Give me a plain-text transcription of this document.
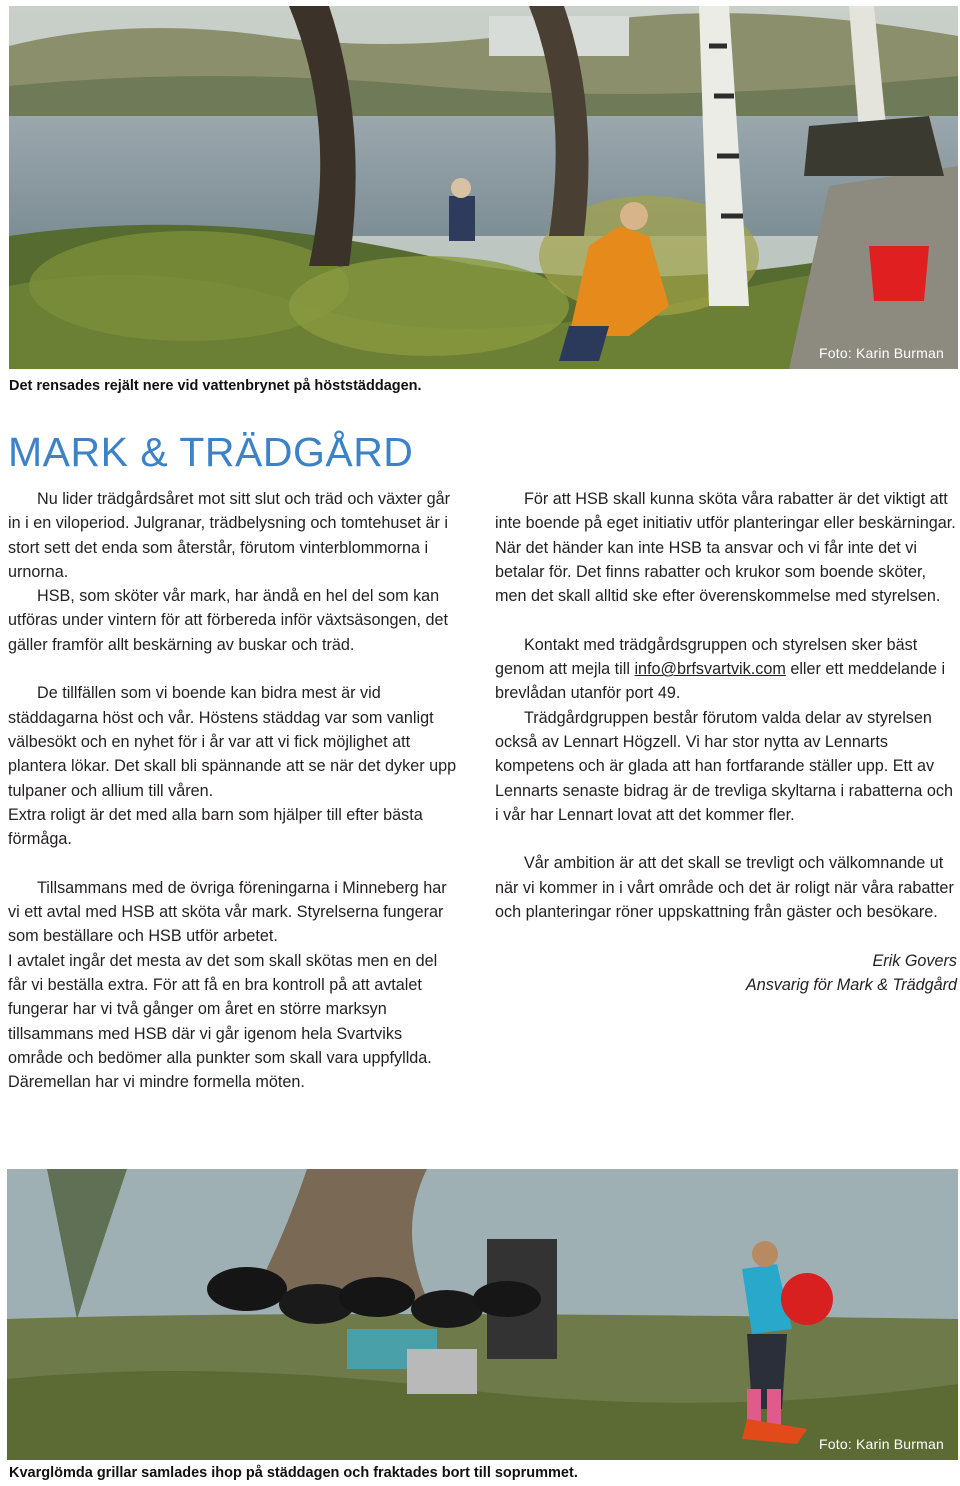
Foto: Karin Burman
Det rensades rejält nere vid vattenbrynet på höststäddagen.
MARK & TRÄDGÅRD

Nu lider trädgårdsåret mot sitt slut och träd och växter går in i en viloperiod. Julgranar, trädbelysning och tomtehuset är i stort sett det enda som återstår, förutom vinterblommorna i urnorna.

HSB, som sköter vår mark, har ändå en hel del som kan utföras under vintern för att förbereda inför växtsäsongen, det gäller framför allt beskärning av buskar och träd.

De tillfällen som vi boende kan bidra mest är vid städdagarna höst och vår. Höstens städdag var som vanligt välbesökt och en nyhet för i år var att vi fick möjlighet att plantera lökar. Det skall bli spännande att se när det dyker upp tulpaner och allium till våren.

Extra roligt är det med alla barn som hjälper till efter bästa förmåga.

Tillsammans med de övriga föreningarna i Minneberg har vi ett avtal med HSB att sköta vår mark. Styrelserna fungerar som beställare och HSB utför arbetet.

I avtalet ingår det mesta av det som skall skötas men en del får vi beställa extra. För att få en bra kontroll på att avtalet fungerar har vi två gånger om året en större marksyn tillsammans med HSB där vi går igenom hela Svartviks område och bedömer alla punkter som skall vara uppfyllda. Däremellan har vi mindre formella möten.

För att HSB skall kunna sköta våra rabatter är det viktigt att inte boende på eget initiativ utför planteringar eller beskärningar. När det händer kan inte HSB ta ansvar och vi får inte det vi betalar för. Det finns rabatter och krukor som boende sköter, men det skall alltid ske efter överenskommelse med styrelsen.

Kontakt med trädgårdsgruppen och styrelsen sker bäst genom att mejla till info@brfsvartvik.com eller ett meddelande i brevlådan utanför port 49.

Trädgårdgruppen består förutom valda delar av styrelsen också av Lennart Högzell. Vi har stor nytta av Lennarts kompetens och är glada att han fortfarande ställer upp. Ett av Lennarts senaste bidrag är de trevliga skyltarna i rabatterna och i vår har Lennart lovat att det kommer fler.

Vår ambition är att det skall se trevligt och välkomnande ut när vi kommer in i vårt område och det är roligt när våra rabatter och planteringar röner uppskattning från gäster och besökare.

Erik Govers

Ansvarig för Mark & Trädgård

Foto: Karin Burman
Kvarglömda grillar samlades ihop på städdagen och fraktades bort till soprummet.
